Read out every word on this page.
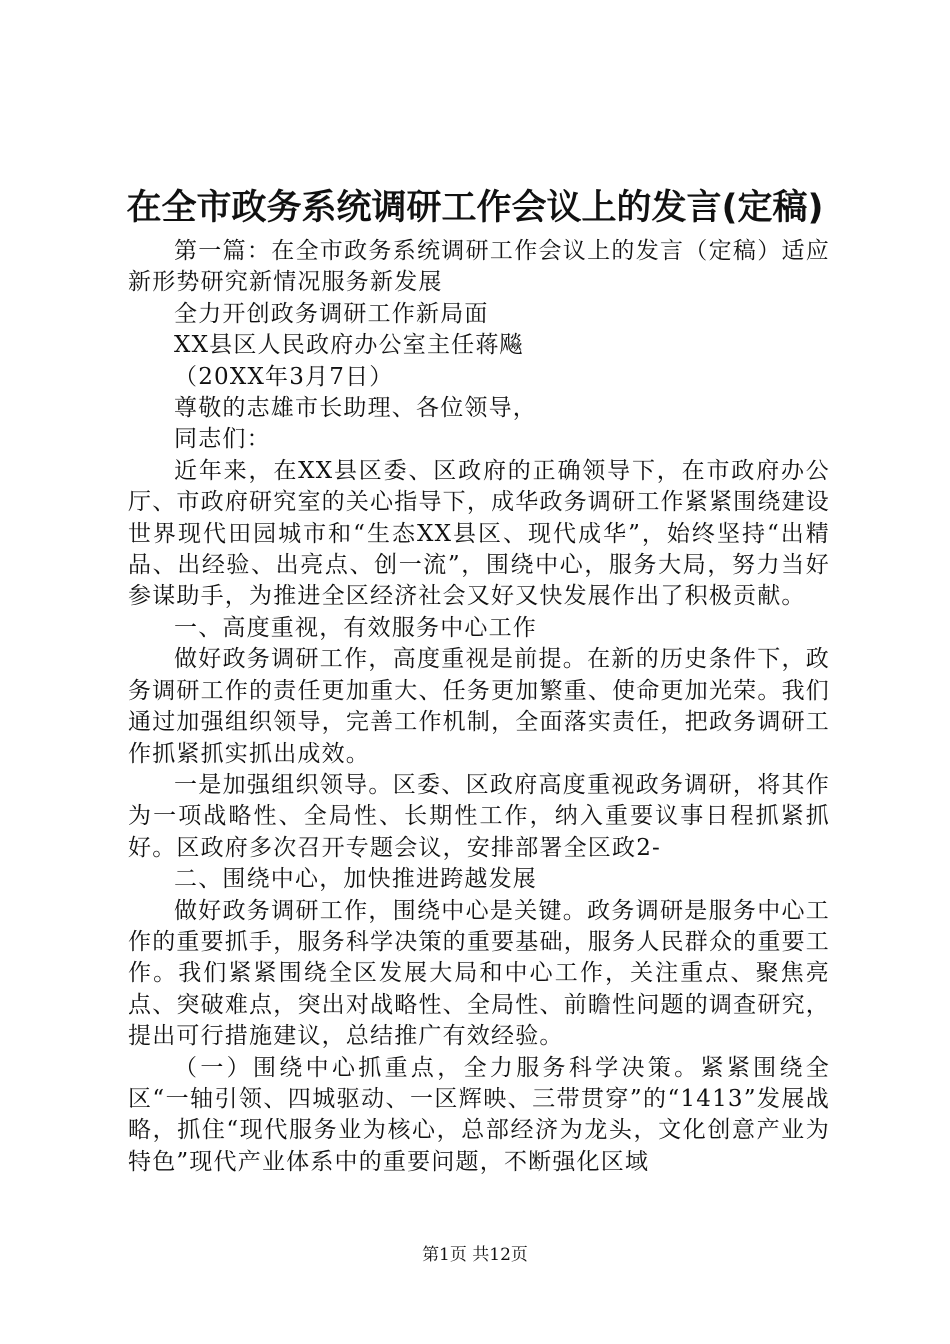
在全市政务系统调研工作会议上的发言(定稿)

第一篇：在全市政务系统调研工作会议上的发言（定稿）适应新形势研究新情况服务新发展

全力开创政务调研工作新局面

XX县区人民政府办公室主任蒋飚

（20XX年3月7日）

尊敬的志雄市长助理、各位领导，

同志们：

近年来，在XX县区委、区政府的正确领导下，在市政府办公厅、市政府研究室的关心指导下，成华政务调研工作紧紧围绕建设世界现代田园城市和“生态XX县区、现代成华”，始终坚持“出精品、出经验、出亮点、创一流”，围绕中心，服务大局，努力当好参谋助手，为推进全区经济社会又好又快发展作出了积极贡献。

一、高度重视，有效服务中心工作

做好政务调研工作，高度重视是前提。在新的历史条件下，政务调研工作的责任更加重大、任务更加繁重、使命更加光荣。我们通过加强组织领导，完善工作机制，全面落实责任，把政务调研工作抓紧抓实抓出成效。

一是加强组织领导。区委、区政府高度重视政务调研，将其作为一项战略性、全局性、长期性工作，纳入重要议事日程抓紧抓好。区政府多次召开专题会议，安排部署全区政2-

二、围绕中心，加快推进跨越发展

做好政务调研工作，围绕中心是关键。政务调研是服务中心工作的重要抓手，服务科学决策的重要基础，服务人民群众的重要工作。我们紧紧围绕全区发展大局和中心工作，关注重点、聚焦亮点、突破难点，突出对战略性、全局性、前瞻性问题的调查研究，提出可行措施建议，总结推广有效经验。

（一）围绕中心抓重点，全力服务科学决策。紧紧围绕全区“一轴引领、四城驱动、一区辉映、三带贯穿”的“1413”发展战略，抓住“现代服务业为核心，总部经济为龙头，文化创意产业为特色”现代产业体系中的重要问题，不断强化区域

第1页 共12页
